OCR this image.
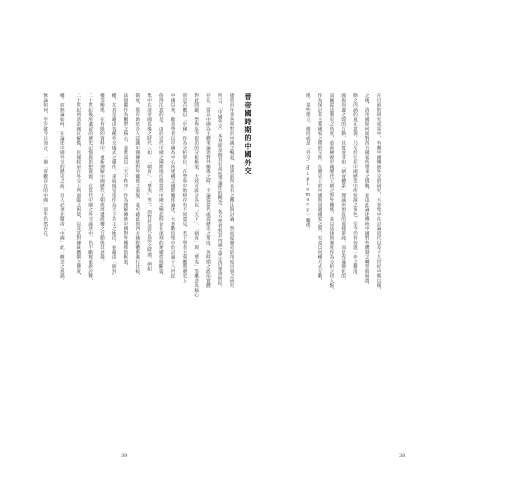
晉帝國時期的中國外交
儘管近年來各界對於中國之崛起，達到前所未有之關注與討論，然而從歷史的角度出發之研究
所言，「中國外交」本身即是個具有高度爭議性的概念，各方學者對其內涵之界定仍眾說紛紜，
存在，當以中國為主體來論述對外關係之時，不論從當代或從歷史之角度，各時期之政治實體
對此問題，學界迄今提出的分析框架，大致可區分為以「天下」、「朝貢」與「華夷」等概念為核心
別是否應以「中國」作為分析單位，在學界中始終存有不同意見，若干學者主張應將歷史上
中國以來，歐美學者以中國為中心所建構之國際關係論述，大多數均集中於討論十八世紀
值得注意的是，由於近代中國之國際地位與當代中國之崛起間存在深刻的連續性與斷裂，
集中在清帝國以後之時代（如：「朝貢」、「華夷」等），而對於清代以前之時期，例如
制度，將有助於吾人認識中國傳統對外關係之面貌，並可藉此與西方國際體系進行比較，
法規範作為觀察之核心，並嘗試以「天下秩序」作為理解傳統中國對外關係的框架，
權，尤其是藉由各種外交儀式之運作，來展現皇帝作為天下共主之地位，並藉由「冊封」
權等關係，在有限的資料中，重新理解中國歷代王朝與周邊政權之互動與其意義，
二十世紀後所遺留的歷史記憶與思想資源，在當代中國之外交論述中，仍不斷被重新詮釋，
二十世紀初清帝國瓦解後，民國政府在外交上所面臨之困境，以及其對傳統體制之態度，
權，而無論如何，在論述中國外交的歷史之前，吾人必須先釐清「中國」此一概念之意涵，
無論如何，至少就今日而言，一個「客觀存在的中國」似乎仍然存在，
39
在目前的研究成果中，有關中國傳統外交的研究，大多集中在討論清代以及十九世紀中期以後，
之後，清帝國如何面對西方國家所帶來之挑戰，並由此論述傳統中國對外體制之轉型與崩潰，
動之內涵的真正意義，乃至於它在中國歷史中所扮演之角色，至今仍有待進一步之釐清，
國與周邊之間的互動，其實並非如「朝貢體系」理論所預設的那樣單純，而是充滿變化的，
試圖從法制史之角度，重新檢視中國歷代王朝之對外關係，並以法律與制度作為分析之切入點，
作為探討其主要國家之間的交涉，在歷史上的中國與周邊國家之間，究竟以何種方式互動，
係、某些建立、維持或是「外交」（diplomacy）關係，
38
